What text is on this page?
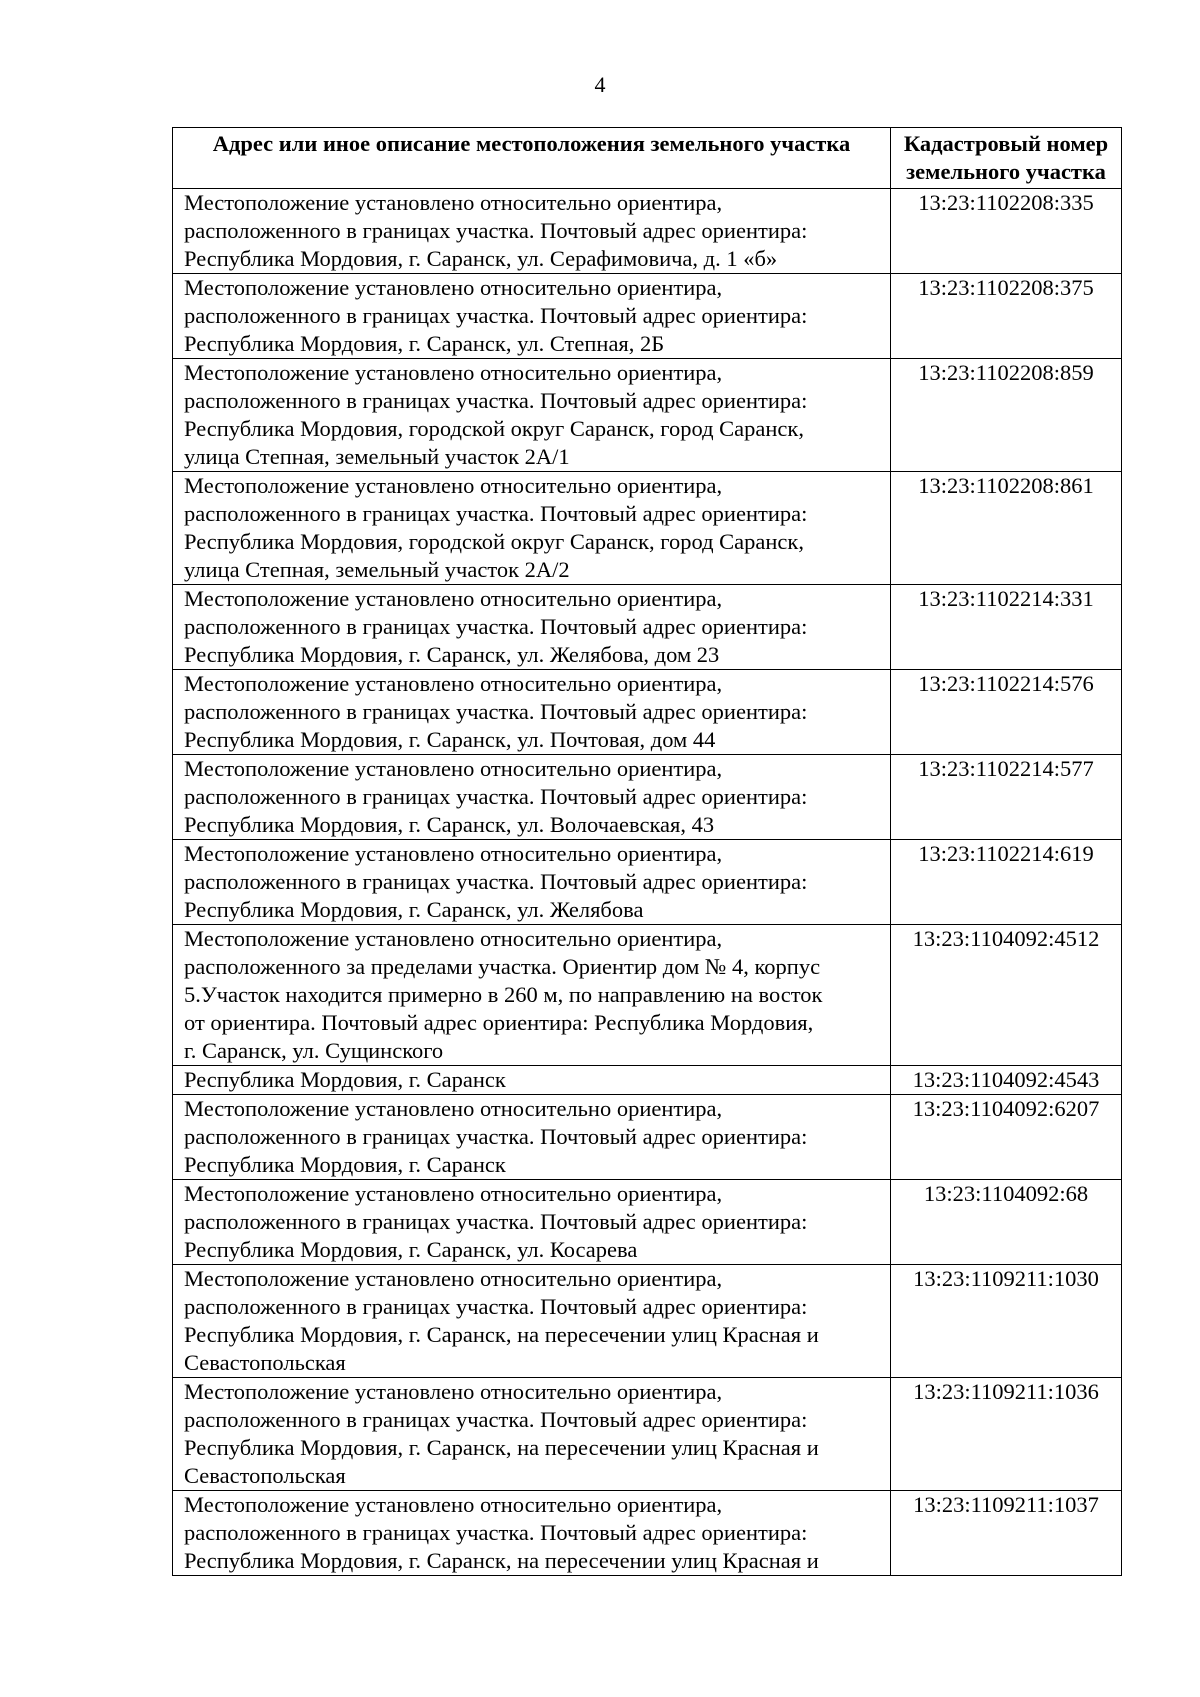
4
Адрес или иное описание местоположения земельного участка	Кадастровый номер земельного участка
Местоположение установлено относительно ориентира,
расположенного в границах участка. Почтовый адрес ориентира:
Республика Мордовия, г. Саранск, ул. Серафимовича, д. 1 «б»	13:23:1102208:335
Местоположение установлено относительно ориентира,
расположенного в границах участка. Почтовый адрес ориентира:
Республика Мордовия, г. Саранск, ул. Степная, 2Б	13:23:1102208:375
Местоположение установлено относительно ориентира,
расположенного в границах участка. Почтовый адрес ориентира:
Республика Мордовия, городской округ Саранск, город Саранск,
улица Степная, земельный участок 2А/1	13:23:1102208:859
Местоположение установлено относительно ориентира,
расположенного в границах участка. Почтовый адрес ориентира:
Республика Мордовия, городской округ Саранск, город Саранск,
улица Степная, земельный участок 2А/2	13:23:1102208:861
Местоположение установлено относительно ориентира,
расположенного в границах участка. Почтовый адрес ориентира:
Республика Мордовия, г. Саранск, ул. Желябова, дом 23	13:23:1102214:331
Местоположение установлено относительно ориентира,
расположенного в границах участка. Почтовый адрес ориентира:
Республика Мордовия, г. Саранск, ул. Почтовая, дом 44	13:23:1102214:576
Местоположение установлено относительно ориентира,
расположенного в границах участка. Почтовый адрес ориентира:
Республика Мордовия, г. Саранск, ул. Волочаевская, 43	13:23:1102214:577
Местоположение установлено относительно ориентира,
расположенного в границах участка. Почтовый адрес ориентира:
Республика Мордовия, г. Саранск, ул. Желябова	13:23:1102214:619
Местоположение установлено относительно ориентира,
расположенного за пределами участка. Ориентир дом № 4, корпус
5.Участок находится примерно в 260 м, по направлению на восток
от ориентира. Почтовый адрес ориентира: Республика Мордовия,
г. Саранск, ул. Сущинского	13:23:1104092:4512
Республика Мордовия, г. Саранск	13:23:1104092:4543
Местоположение установлено относительно ориентира,
расположенного в границах участка. Почтовый адрес ориентира:
Республика Мордовия, г. Саранск	13:23:1104092:6207
Местоположение установлено относительно ориентира,
расположенного в границах участка. Почтовый адрес ориентира:
Республика Мордовия, г. Саранск, ул. Косарева	13:23:1104092:68
Местоположение установлено относительно ориентира,
расположенного в границах участка. Почтовый адрес ориентира:
Республика Мордовия, г. Саранск, на пересечении улиц Красная и
Севастопольская	13:23:1109211:1030
Местоположение установлено относительно ориентира,
расположенного в границах участка. Почтовый адрес ориентира:
Республика Мордовия, г. Саранск, на пересечении улиц Красная и
Севастопольская	13:23:1109211:1036
Местоположение установлено относительно ориентира,
расположенного в границах участка. Почтовый адрес ориентира:
Республика Мордовия, г. Саранск, на пересечении улиц Красная и	13:23:1109211:1037
